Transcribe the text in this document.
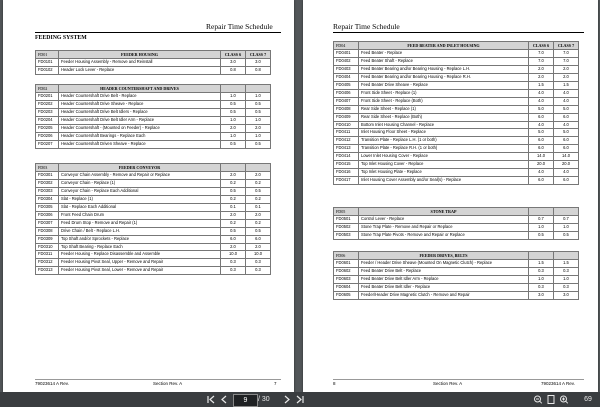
Repair Time Schedule
FEEDING SYSTEM
FD01	FEEDER HOUSING	CLASS 6	CLASS 7
FD0101	Feeder Housing Assembly - Remove and Reinstall	3.0	3.0
FD0102	Header Lock Lever - Replace	0.8	0.8
FD02	HEADER COUNTERSHAFT AND DRIVES		
FD0201	Header Countershaft Drive Belt - Replace	1.0	1.0
FD0202	Header Countershaft Drive Sheave - Replace	0.5	0.5
FD0203	Header Countershaft Drive Belt Idlers - Replace	0.5	0.5
FD0204	Header Countershaft Drive Belt Idler Arm - Replace	1.0	1.0
FD0205	Header Countershaft - (Mounted on Feeder) - Replace	2.0	2.0
FD0206	Header Countershaft Bearings - Replace Each	1.0	1.0
FD0207	Header Countershaft Driven Sheave - Replace	0.5	0.5
FD03	FEEDER CONVEYOR		
FD0301	Conveyor Chain Assembly - Remove and Repair or Replace	2.0	2.0
FD0302	Conveyor Chain - Replace (1)	0.2	0.2
FD0303	Conveyor Chain - Replace Each Additional	0.5	0.5
FD0304	Slat - Replace (1)	0.2	0.2
FD0305	Slat - Replace Each Additional	0.1	0.1
FD0306	Front Feed Chain Drum	2.0	2.0
FD0307	Feed Drum Stop - Remove and Repair (1)	0.2	0.2
FD0308	Drive Chain / Belt - Replace L.H.	0.5	0.5
FD0309	Top Shaft and/or Sprockets - Replace	6.0	6.0
FD0310	Top Shaft Bearing - Replace Each	2.0	2.0
FD0311	Feeder Housing - Replace Disassemble and Assemble	10.0	10.0
FD0312	Feeder Housing Pivot Seal, Upper - Remove and Repair	0.3	0.3
FD0313	Feeder Housing Pivot Seal, Lower - Remove and Repair	0.3	0.3
79023614 A Rev.	Section Rev. A	7
Repair Time Schedule
FD04	FEED BEATER AND INLET HOUSING	CLASS 6	CLASS 7
FD0401	Feed Beater - Replace	7.0	7.0
FD0402	Feed Beater Shaft - Replace	7.0	7.0
FD0403	Feed Beater Bearing and/or Bearing Housing - Replace L.H.	2.0	2.0
FD0404	Feed Beater Bearing and/or Bearing Housing - Replace R.H.	2.0	2.0
FD0405	Feed Beater Drive Sheave - Replace	1.5	1.5
FD0406	Front Side Sheet - Replace (1)	4.0	4.0
FD0407	Front Side Sheet - Replace (Both)	4.0	4.0
FD0408	Rear Side Sheet - Replace (1)	5.0	5.0
FD0409	Rear Side Sheet - Replace (Both)	6.0	6.0
FD0410	Bottom Inlet Housing Channel - Replace	4.0	4.0
FD0411	Inlet Housing Floor Sheet - Replace	5.0	5.0
FD0412	Transition Plate - Replace L.H. (1 or both)	6.0	6.0
FD0413	Transition Plate - Replace R.H. (1 or both)	6.0	6.0
FD0414	Lower Inlet Housing Cover - Replace	14.0	14.0
FD0415	Top Inlet Housing Cover - Replace	20.0	20.0
FD0416	Top Inlet Housing Plate - Replace	4.0	4.0
FD0417	Inlet Housing Cover Assembly and/or Seal(s) - Replace	6.0	6.0
FD05	STONE TRAP		
FD0501	Control Lever - Replace	0.7	0.7
FD0502	Stone Trap Plate - Remove and Repair or Replace	1.0	1.0
FD0503	Stone Trap Plate Pivots - Remove and Repair or Replace	0.5	0.5
FD06	FEEDER DRIVES, BELTS		
FD0601	Feeder / Header Drive Sheave (Mounted On Magnetic Clutch) - Replace	1.5	1.5
FD0602	Feed Beater Drive Belt - Replace	0.3	0.3
FD0603	Feed Beater Drive Belt Idler Arm - Replace	1.0	1.0
FD0604	Feed Beater Drive Belt Idler - Replace	0.3	0.3
FD0605	Feeder/Header Drive Magnetic Clutch - Remove and Repair	3.0	3.0
8	Section Rev. A	79023614 A Rev.
9	/ 30	69
